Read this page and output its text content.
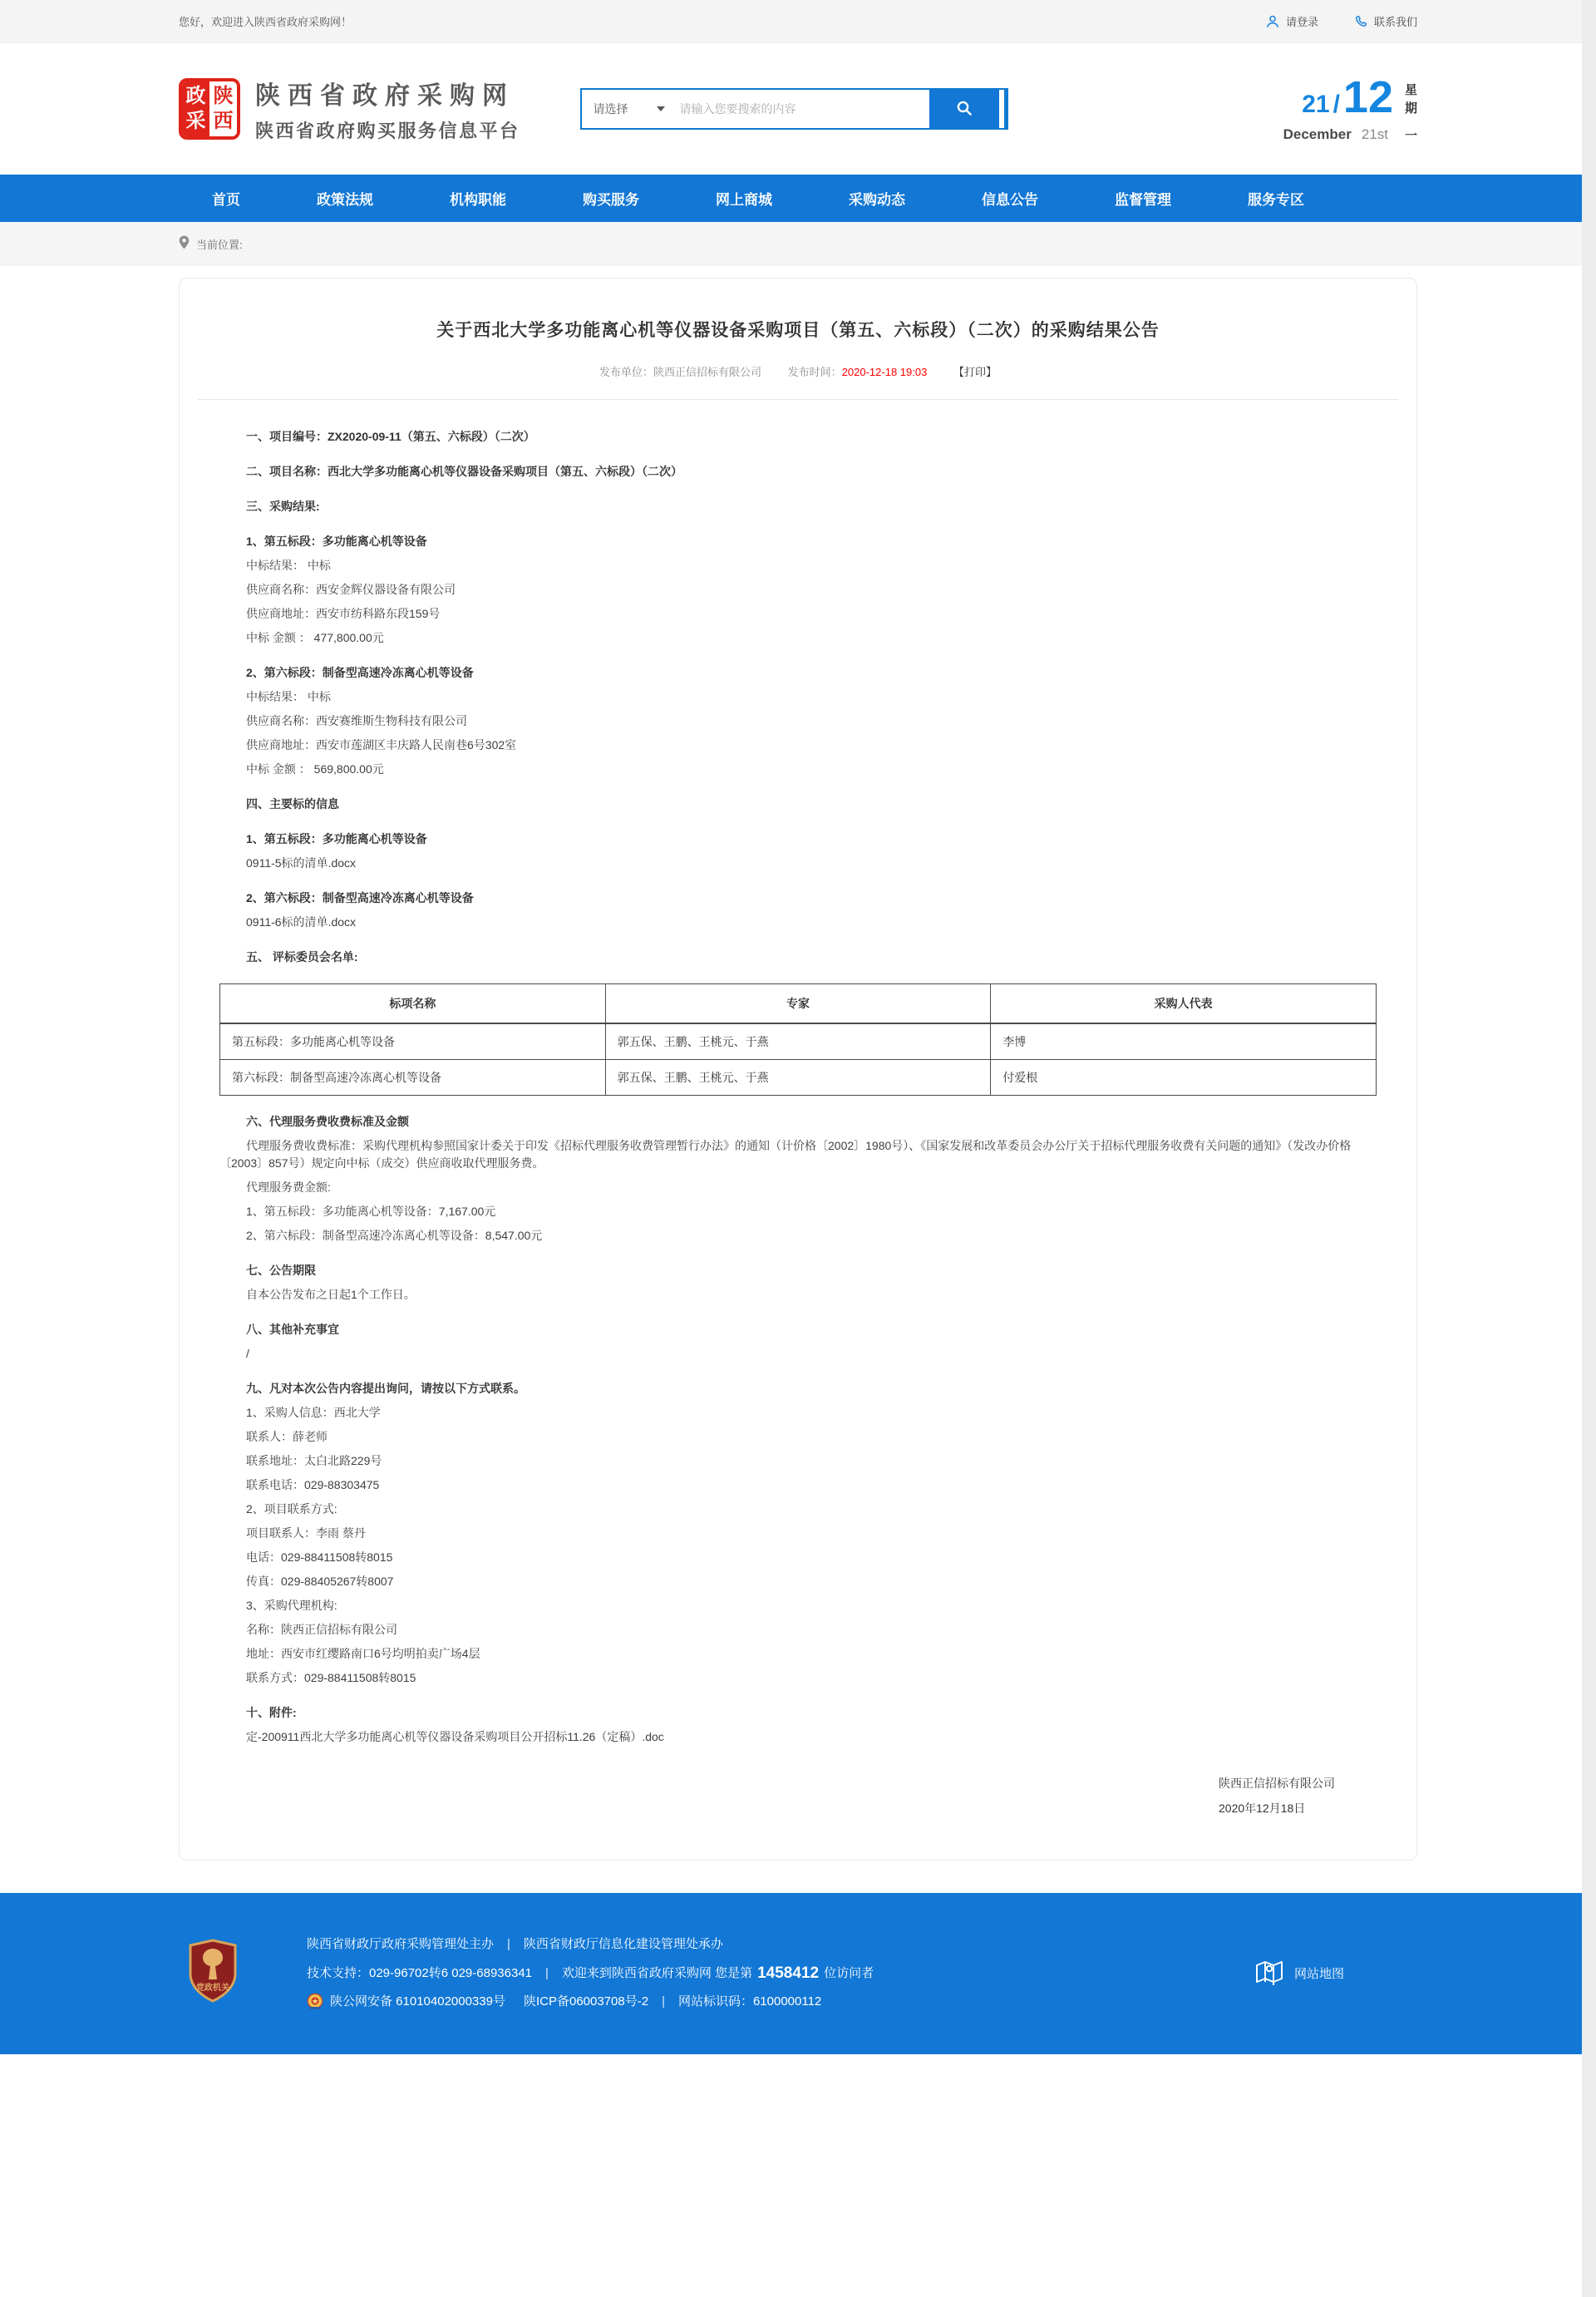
您好，欢迎进入陕西省政府采购网！	请登录	联系我们
政
采
陕
西
陕西省政府采购网
陕西省政府购买服务信息平台
请选择
请输入您要搜索的内容	21 / 12 星
期
December 21st 一
首页	政策法规	机构职能	购买服务	网上商城	采购动态	信息公告	监督管理	服务专区
当前位置:
关于西北大学多功能离心机等仪器设备采购项目（第五、六标段）（二次）的采购结果公告
发布单位：陕西正信招标有限公司 发布时间：2020-12-18 19:03 【打印】

一、项目编号：ZX2020-09-11（第五、六标段）（二次）

二、项目名称：西北大学多功能离心机等仪器设备采购项目（第五、六标段）（二次）

三、采购结果:

1、第五标段：多功能离心机等设备

中标结果： 中标

供应商名称：西安金辉仪器设备有限公司

供应商地址：西安市纺科路东段159号

中标 金额 ： 477,800.00元

2、第六标段：制备型高速冷冻离心机等设备

中标结果： 中标

供应商名称：西安赛维斯生物科技有限公司

供应商地址：西安市莲湖区丰庆路人民南巷6号302室

中标 金额 ： 569,800.00元

四、主要标的信息

1、第五标段：多功能离心机等设备

0911-5标的清单.docx

2、第六标段：制备型高速冷冻离心机等设备

0911-6标的清单.docx

五、 评标委员会名单:

标项名称	专家	采购人代表
第五标段：多功能离心机等设备	郭五保、王鹏、王桃元、于燕	李博
第六标段：制备型高速冷冻离心机等设备	郭五保、王鹏、王桃元、于燕	付爱根

六、代理服务费收费标准及金额

代理服务费收费标准：采购代理机构参照国家计委关于印发《招标代理服务收费管理暂行办法》的通知（计价格〔2002〕1980号）、《国家发展和改革委员会办公厅关于招标代理服务收费有关问题的通知》（发改办价格〔2003〕857号）规定向中标（成交）供应商收取代理服务费。

代理服务费金额:

1、第五标段：多功能离心机等设备：7,167.00元

2、第六标段：制备型高速冷冻离心机等设备：8,547.00元

七、公告期限

自本公告发布之日起1个工作日。

八、其他补充事宜

/

九、凡对本次公告内容提出询问，请按以下方式联系。

1、采购人信息：西北大学

联系人：薛老师

联系地址：太白北路229号

联系电话：029-88303475

2、项目联系方式:

项目联系人：李雨 蔡丹

电话：029-88411508转8015

传真：029-88405267转8007

3、采购代理机构:

名称：陕西正信招标有限公司

地址：西安市红缨路南口6号均明拍卖广场4层

联系方式：029-88411508转8015

十、附件:

定-200911西北大学多功能离心机等仪器设备采购项目公开招标11.26（定稿）.doc
陕西正信招标有限公司
2020年12月18日
党政机关
陕西省财政厅政府采购管理处主办 | 陕西省财政厅信息化建设管理处承办
技术支持：029-96702转6 029-68936341 | 欢迎来到陕西省政府采购网 您是第 1458412 位访问者
陕公网安备 61010402000339号 陕ICP备06003708号-2 | 网站标识码：6100000112
网站地图
